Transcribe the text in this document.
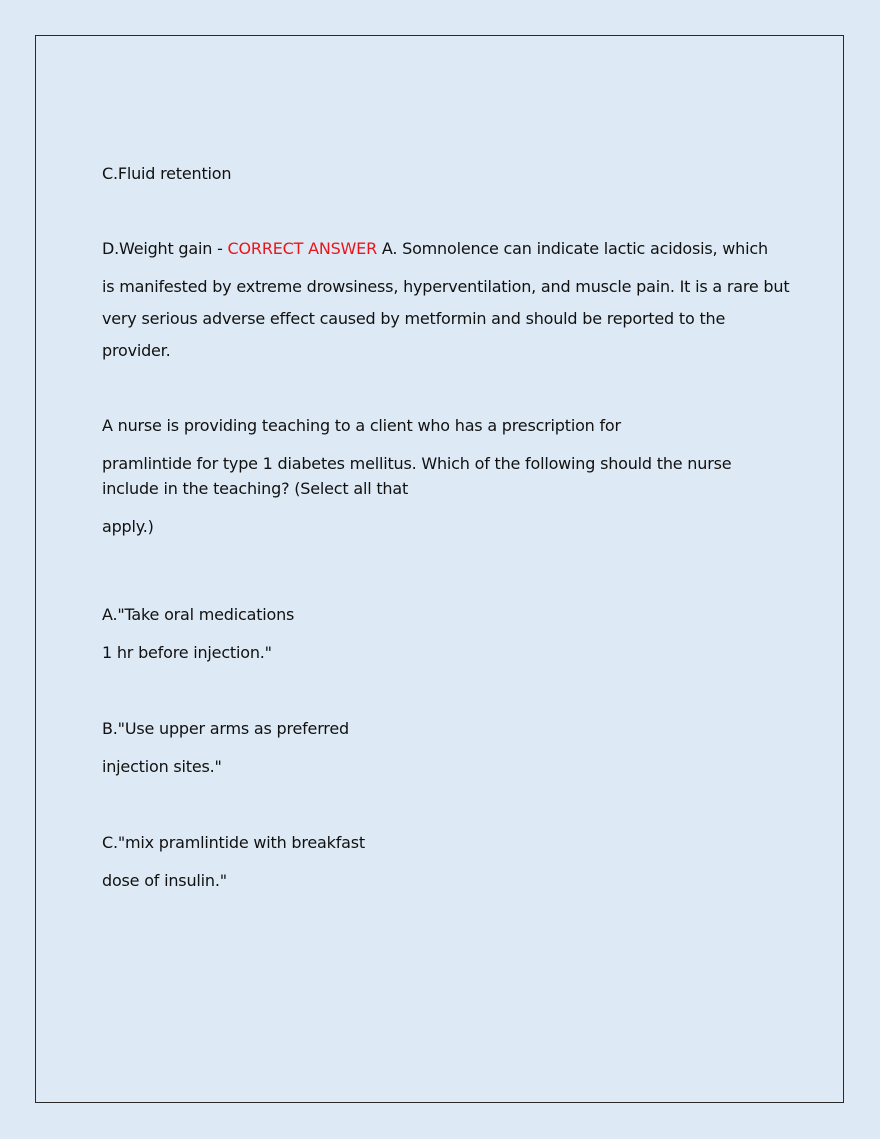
C.Fluid retention
D.Weight gain - CORRECT ANSWER A. Somnolence can indicate lactic acidosis, which
is manifested by extreme drowsiness, hyperventilation, and muscle pain. It is a rare but
very serious adverse effect caused by metformin and should be reported to the
provider.
A nurse is providing teaching to a client who has a prescription for
pramlintide for type 1 diabetes mellitus. Which of the following should the nurse include in the teaching? (Select all that
apply.)
A."Take oral medications
1 hr before injection."
B."Use upper arms as preferred
injection sites."
C."mix pramlintide with breakfast
dose of insulin."
